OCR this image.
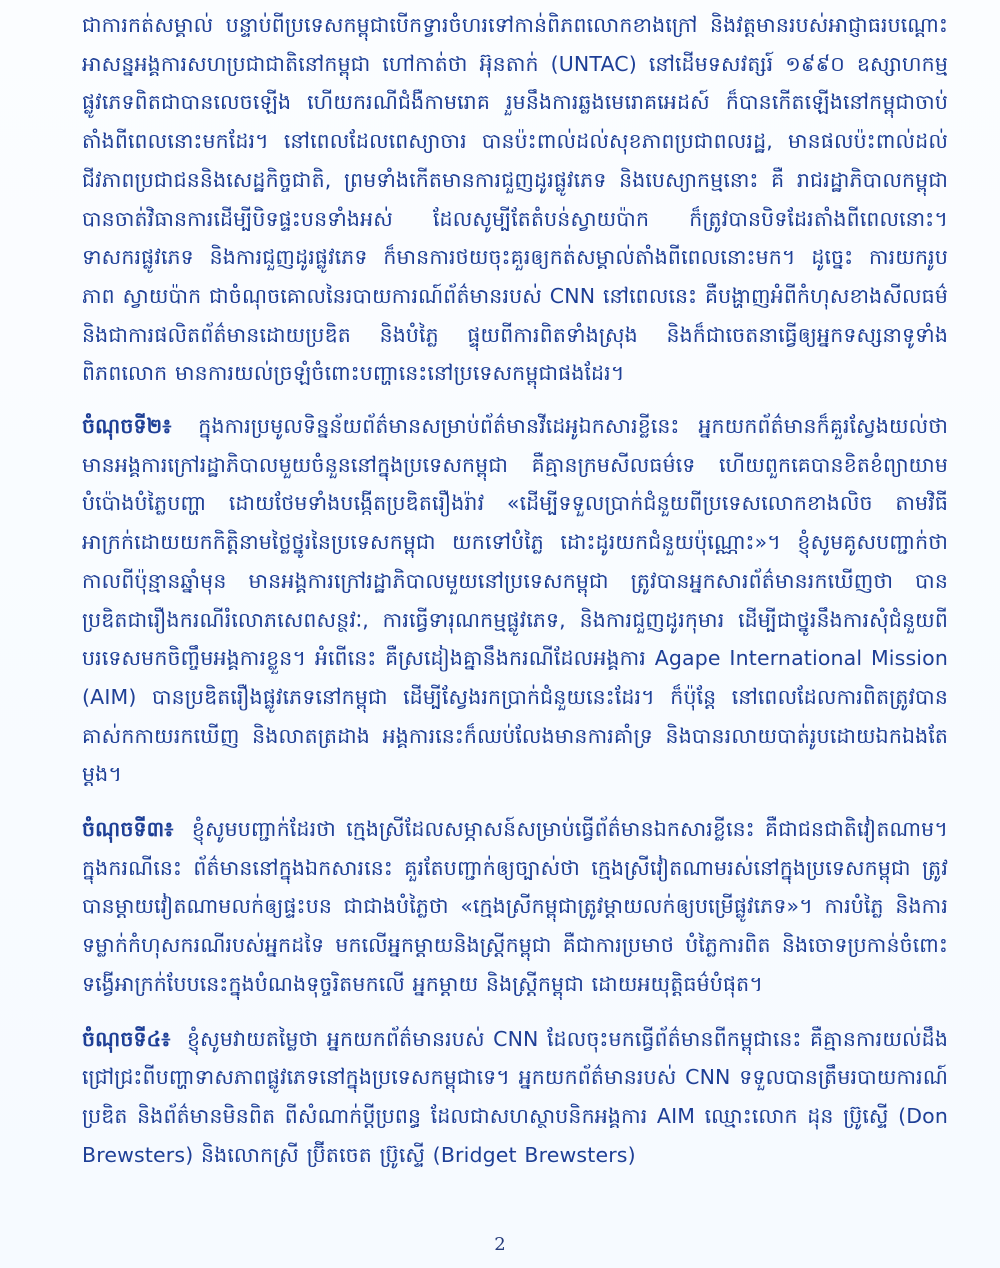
ជាការកត់សម្គាល់ បន្ទាប់ពីប្រទេសកម្ពុជាបើកទ្វារចំហរទៅកាន់ពិភពលោកខាងក្រៅ និងវត្តមានរបស់អាជ្ញាធរបណ្តោះអាសន្នអង្គការសហប្រជាជាតិនៅកម្ពុជា ហៅកាត់ថា អ៊ុនតាក់ (UNTAC) នៅដើមទសវត្សរ៍ ១៩៩០ ឧស្សាហកម្មផ្លូវភេទពិតជាបានលេចឡើង ហើយករណីជំងឺកាមរោគ រួមនឹងការឆ្លងមេរោគអេដស៍ ក៏បានកើតឡើងនៅកម្ពុជាចាប់តាំងពីពេលនោះមកដែរ។ នៅពេលដែលពេស្យាចារ បានប៉ះពាល់ដល់សុខភាពប្រជាពលរដ្ឋ, មានផលប៉ះពាល់ដល់ជីវភាពប្រជាជននិងសេដ្ឋកិច្ចជាតិ, ព្រមទាំងកើតមានការជួញដូរផ្លូវភេទ និងបេស្យាកម្មនោះ គឺ រាជរដ្ឋាភិបាលកម្ពុជា បានចាត់វិធានការដើម្បីបិទផ្ទះបនទាំងអស់ ដែលសូម្បីតែតំបន់ស្វាយប៉ាក ក៏ត្រូវបានបិទដែរតាំងពីពេលនោះ។ ទាសករផ្លូវភេទ និងការជួញដូរផ្លូវភេទ ក៏មានការថយចុះគួរឲ្យកត់សម្គាល់តាំងពីពេលនោះមក។ ដូច្នេះ ការយករូបភាព ស្វាយប៉ាក ជាចំណុចគោលនៃរបាយការណ៍ព័ត៌មានរបស់ CNN នៅពេលនេះ គឺបង្ហាញអំពីកំហុសខាងសីលធម៌ និងជាការផលិតព័ត៌មានដោយប្រឌិត និងបំភ្លៃ ផ្ទុយពីការពិតទាំងស្រុង និងក៏ជាចេតនាធ្វើឲ្យអ្នកទស្សនាទូទាំងពិភពលោក មានការយល់ច្រឡំចំពោះបញ្ហានេះនៅប្រទេសកម្ពុជាផងដែរ។

ចំណុចទី២៖ ក្នុងការប្រមូលទិន្នន័យព័ត៌មានសម្រាប់ព័ត៌មានវីដេអូឯកសារខ្លីនេះ អ្នកយកព័ត៌មានក៏គួរស្វែងយល់ថា មានអង្គការក្រៅរដ្ឋាភិបាលមួយចំនួននៅក្នុងប្រទេសកម្ពុជា គឺគ្មានក្រមសីលធម៌ទេ ហើយពួកគេបានខិតខំព្យាយាមបំប៉ោងបំភ្លៃបញ្ហា ដោយថែមទាំងបង្កើតប្រឌិតរឿងរ៉ាវ «ដើម្បីទទួលប្រាក់ជំនួយពីប្រទេសលោកខាងលិច តាមវិធីអាក្រក់ដោយយកកិត្តិនាមថ្លៃថ្នូរនៃប្រទេសកម្ពុជា យកទៅបំភ្លៃ ដោះដូរយកជំនួយប៉ុណ្ណោះ»។ ខ្ញុំសូមគូសបញ្ជាក់ថា កាលពីប៉ុន្មានឆ្នាំមុន មានអង្គការក្រៅរដ្ឋាភិបាលមួយនៅប្រទេសកម្ពុជា ត្រូវបានអ្នកសារព័ត៌មានរកឃើញថា បានប្រឌិតជារឿងករណីរំលោភសេពសន្ថវៈ, ការធ្វើទារុណកម្មផ្លូវភេទ, និងការជួញដូរកុមារ ដើម្បីជាថ្នូរនឹងការសុំជំនួយពីបរទេសមកចិញ្ចឹមអង្គការខ្លួន។ អំពើនេះ គឺស្រដៀងគ្នានឹងករណីដែលអង្គការ Agape International Mission (AIM) បានប្រឌិតរឿងផ្លូវភេទនៅកម្ពុជា ដើម្បីស្វែងរកប្រាក់ជំនួយនេះដែរ។ ក៏ប៉ុន្តែ នៅពេលដែលការពិតត្រូវបានគាស់កកាយរកឃើញ និងលាតត្រដាង អង្គការនេះក៏ឈប់លែងមានការគាំទ្រ និងបានរលាយបាត់រូបដោយឯកឯងតែម្តង។

ចំណុចទី៣៖ ខ្ញុំសូមបញ្ជាក់ដែរថា ក្មេងស្រីដែលសម្ភាសន៍សម្រាប់ធ្វើព័ត៌មានឯកសារខ្លីនេះ គឺជាជនជាតិវៀតណាម។ ក្នុងករណីនេះ ព័ត៌មាននៅក្នុងឯកសារនេះ គួរតែបញ្ជាក់ឲ្យច្បាស់ថា ក្មេងស្រីវៀតណាមរស់នៅក្នុងប្រទេសកម្ពុជា ត្រូវបានម្តាយវៀតណាមលក់ឲ្យផ្ទះបន ជាជាងបំភ្លៃថា «ក្មេងស្រីកម្ពុជាត្រូវម្តាយលក់ឲ្យបម្រើផ្លូវភេទ»។ ការបំភ្លៃ និងការទម្លាក់កំហុសករណីរបស់អ្នកដទៃ មកលើអ្នកម្តាយនិងស្ត្រីកម្ពុជា គឺជាការប្រមាថ បំភ្លៃការពិត និងចោទប្រកាន់ចំពោះទង្វើអាក្រក់បែបនេះក្នុងបំណងទុច្ចរិតមកលើ អ្នកម្តាយ និងស្ត្រីកម្ពុជា ដោយអយុត្តិធម៌បំផុត។

ចំណុចទី៤៖ ខ្ញុំសូមវាយតម្លៃថា អ្នកយកព័ត៌មានរបស់ CNN ដែលចុះមកធ្វើព័ត៌មានពីកម្ពុជានេះ គឺគ្មានការយល់ដឹងជ្រៅជ្រះពីបញ្ហាទាសភាពផ្លូវភេទនៅក្នុងប្រទេសកម្ពុជាទេ។ អ្នកយកព័ត៌មានរបស់ CNN ទទួលបានត្រឹមរបាយការណ៍ប្រឌិត និងព័ត៌មានមិនពិត ពីសំណាក់ប្តីប្រពន្ធ ដែលជាសហស្ថាបនិកអង្គការ AIM ឈ្មោះលោក ដុន ប្រ៊ូស្ទើ (Don Brewsters) និងលោកស្រី ប្រ៊ីតចេត ប្រ៊ូស្ទើ (Bridget Brewsters)

2
